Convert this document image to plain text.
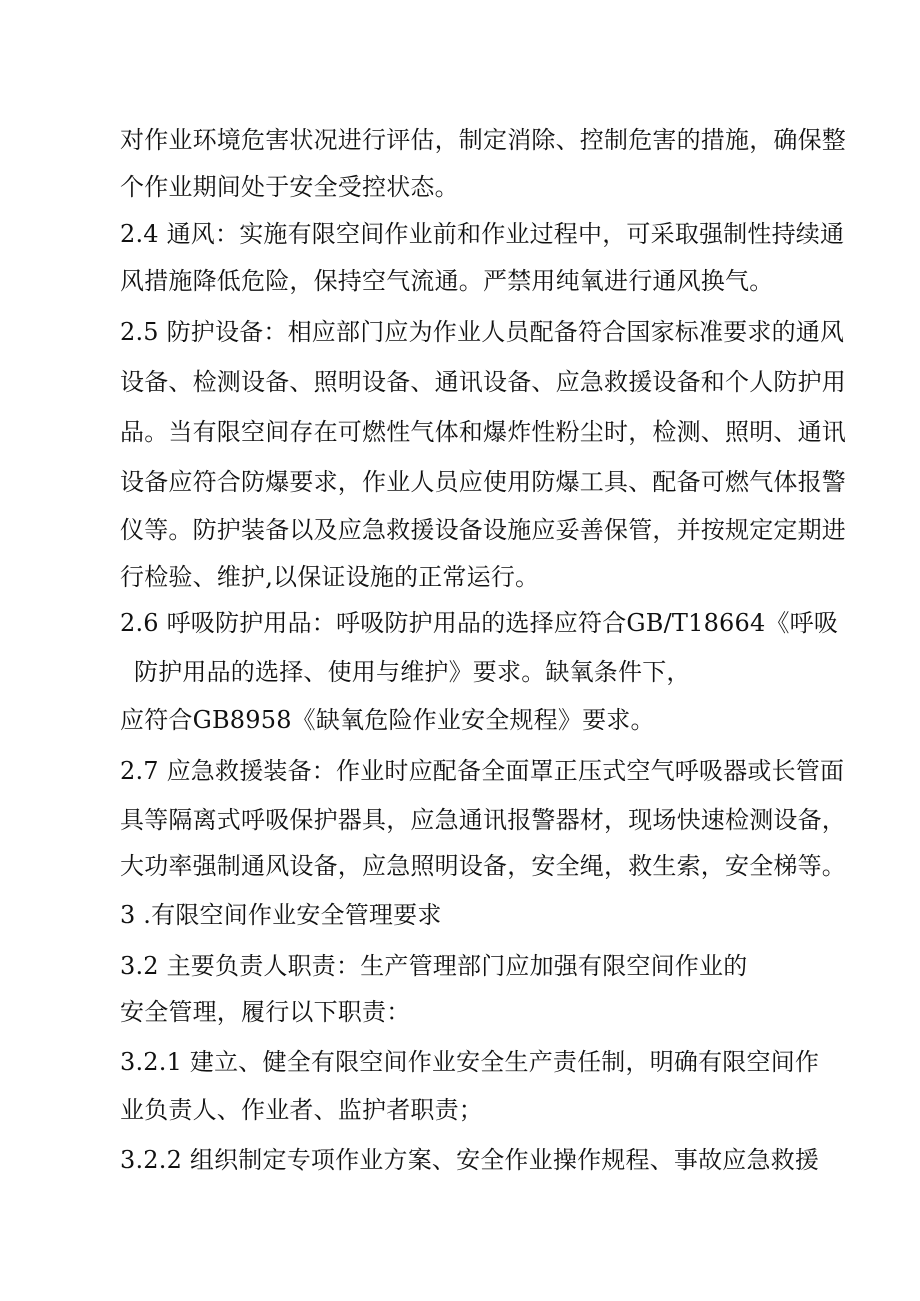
对作业环境危害状况进行评估，制定消除、控制危害的措施，确保整
个作业期间处于安全受控状态。
2.4 通风：实施有限空间作业前和作业过程中，可采取强制性持续通
风措施降低危险，保持空气流通。严禁用纯氧进行通风换气。
2.5 防护设备：相应部门应为作业人员配备符合国家标准要求的通风
设备、检测设备、照明设备、通讯设备、应急救援设备和个人防护用
品。当有限空间存在可燃性气体和爆炸性粉尘时，检测、照明、通讯
设备应符合防爆要求，作业人员应使用防爆工具、配备可燃气体报警
仪等。防护装备以及应急救援设备设施应妥善保管，并按规定定期进
行检验、维护,以保证设施的正常运行。
2.6 呼吸防护用品：呼吸防护用品的选择应符合GB/T18664《呼吸
防护用品的选择、使用与维护》要求。缺氧条件下，
应符合GB8958《缺氧危险作业安全规程》要求。
2.7 应急救援装备：作业时应配备全面罩正压式空气呼吸器或长管面
具等隔离式呼吸保护器具，应急通讯报警器材，现场快速检测设备，
大功率强制通风设备，应急照明设备，安全绳，救生索，安全梯等。
3 .有限空间作业安全管理要求
3.2 主要负责人职责：生产管理部门应加强有限空间作业的
安全管理，履行以下职责：
3.2.1 建立、健全有限空间作业安全生产责任制，明确有限空间作
业负责人、作业者、监护者职责；
3.2.2 组织制定专项作业方案、安全作业操作规程、事故应急救援
